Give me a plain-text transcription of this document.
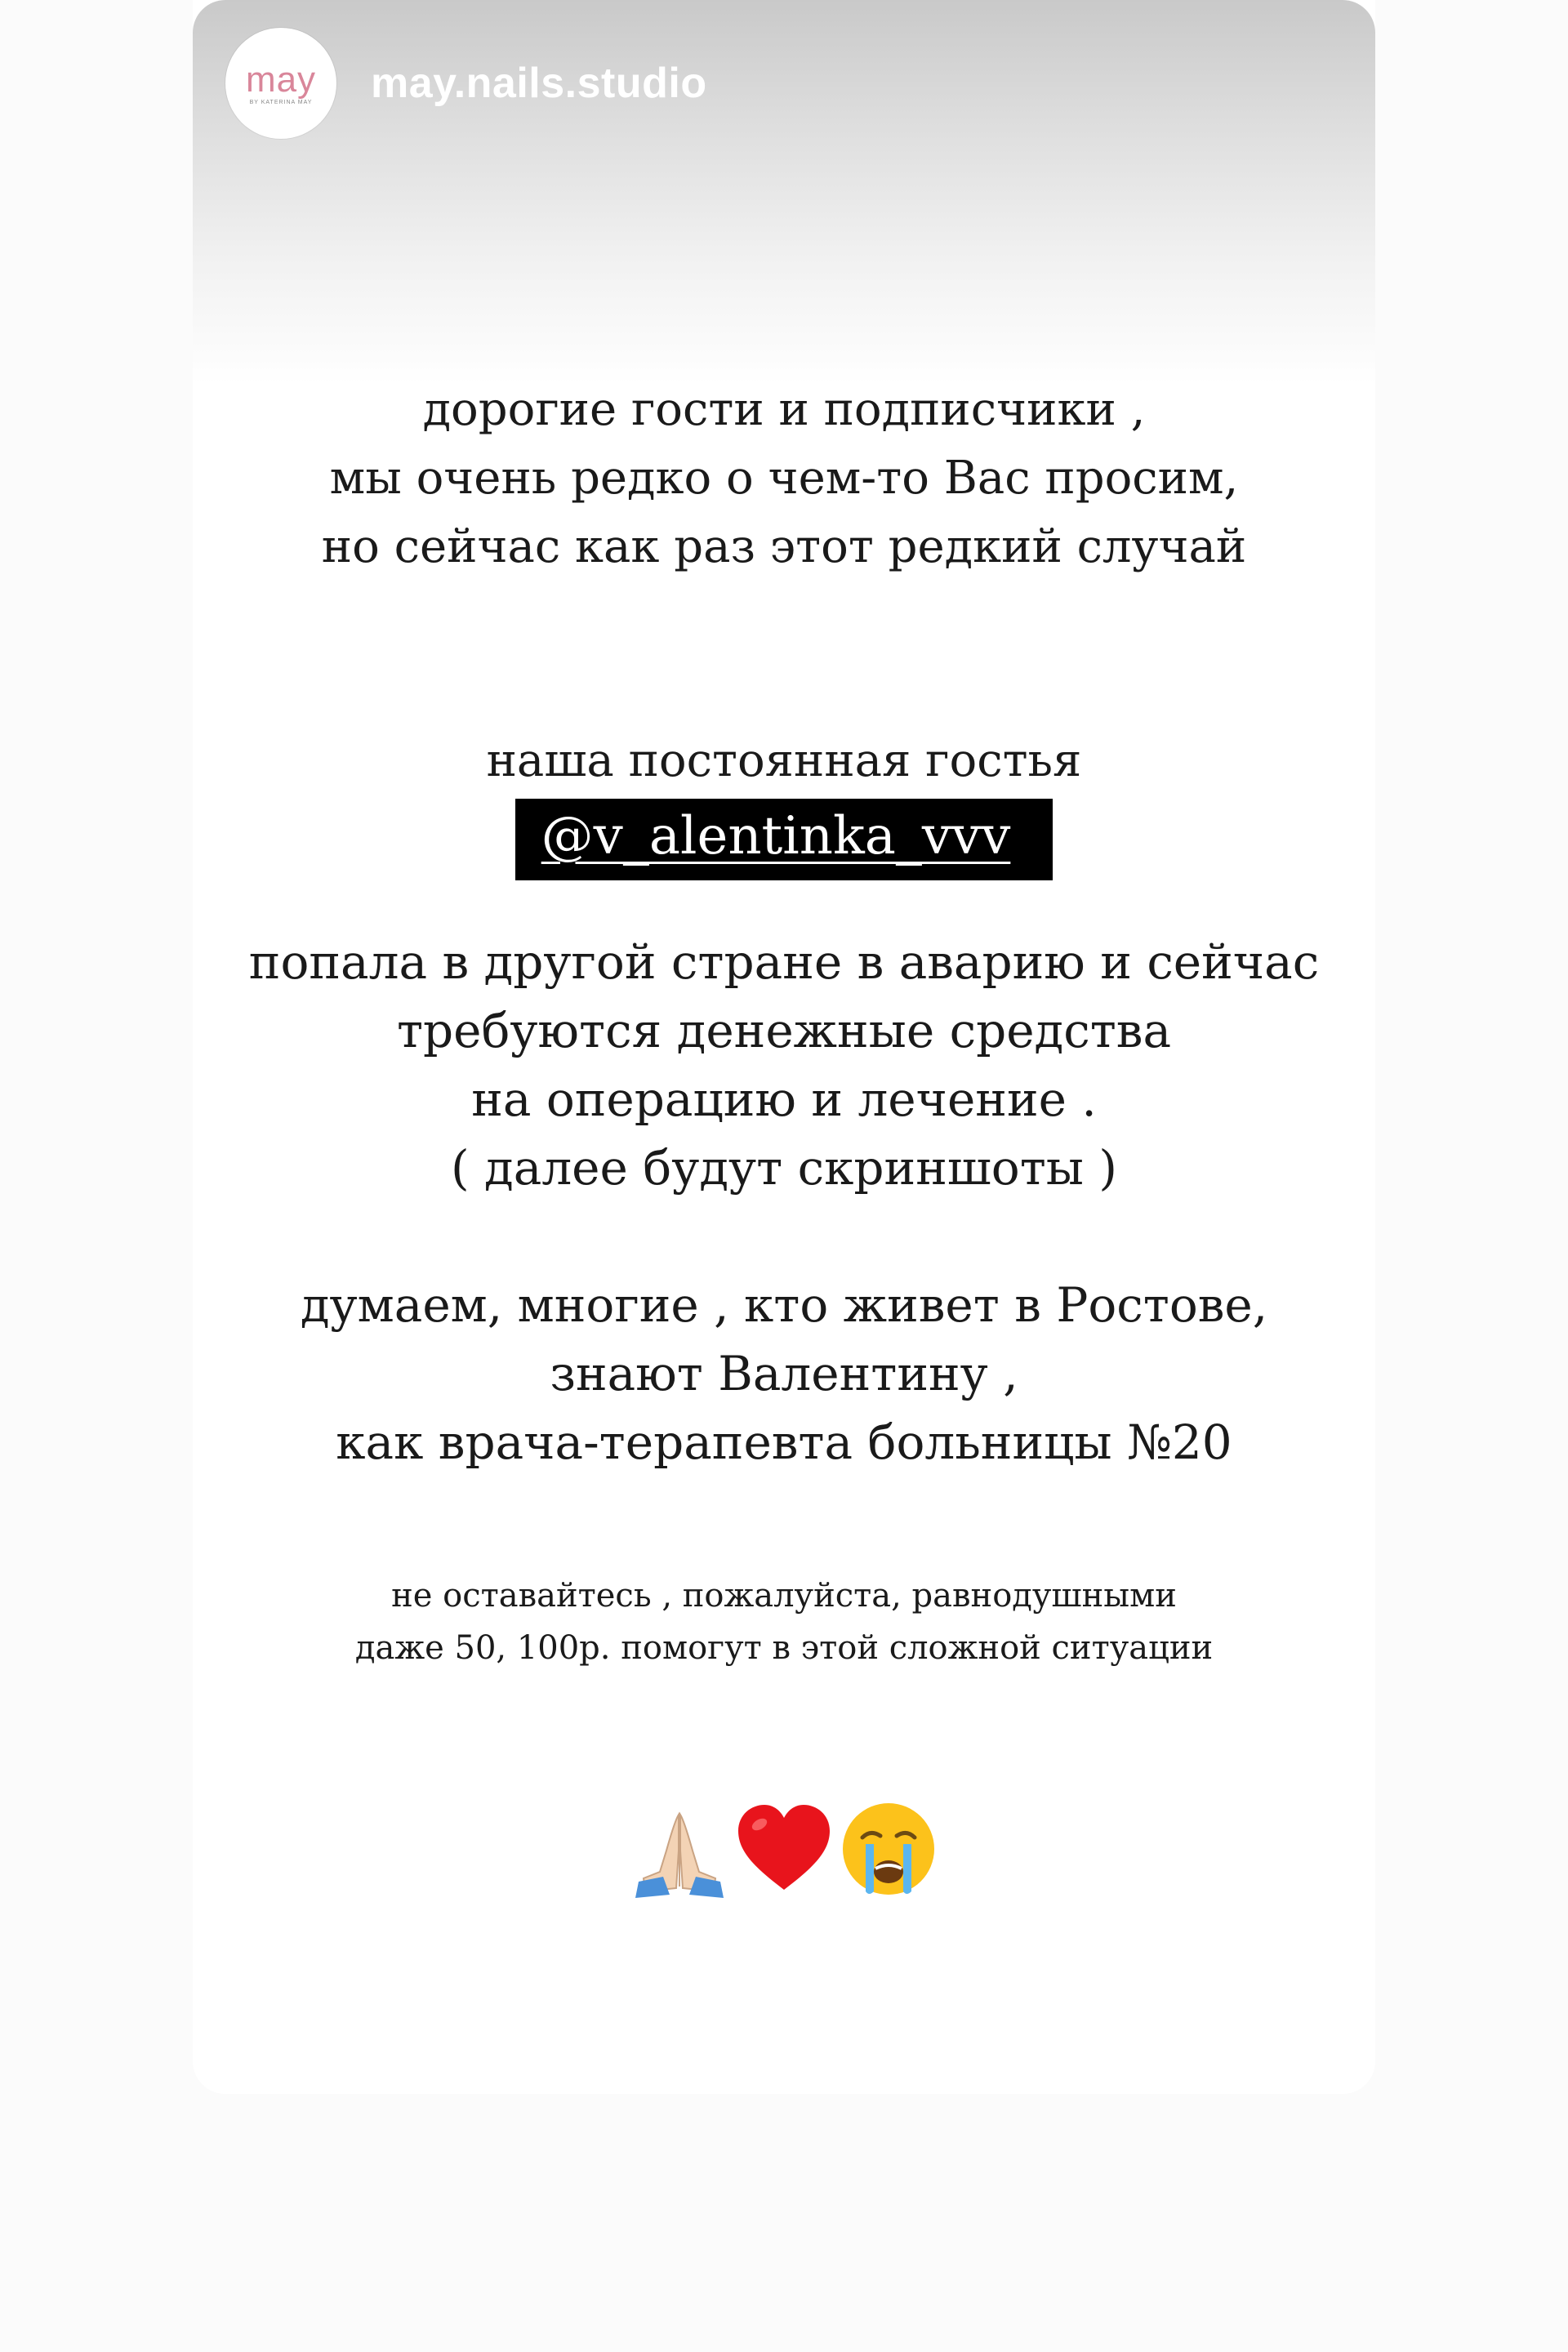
may
BY KATERINA MAY may.nails.studio
дорогие гости и подписчики ,
мы очень редко о чем-то Вас просим,
но сейчас как раз этот редкий случай
наша постоянная гостья
@v_alentinka_vvv
попала в другой стране в аварию и сейчас
требуются денежные средства
на операцию и лечение .
( далее будут скриншоты )
думаем, многие , кто живет в Ростове,
знают Валентину ,
как врача-терапевта больницы №20
не оставайтесь , пожалуйста, равнодушными
даже 50, 100р. помогут в этой сложной ситуации
